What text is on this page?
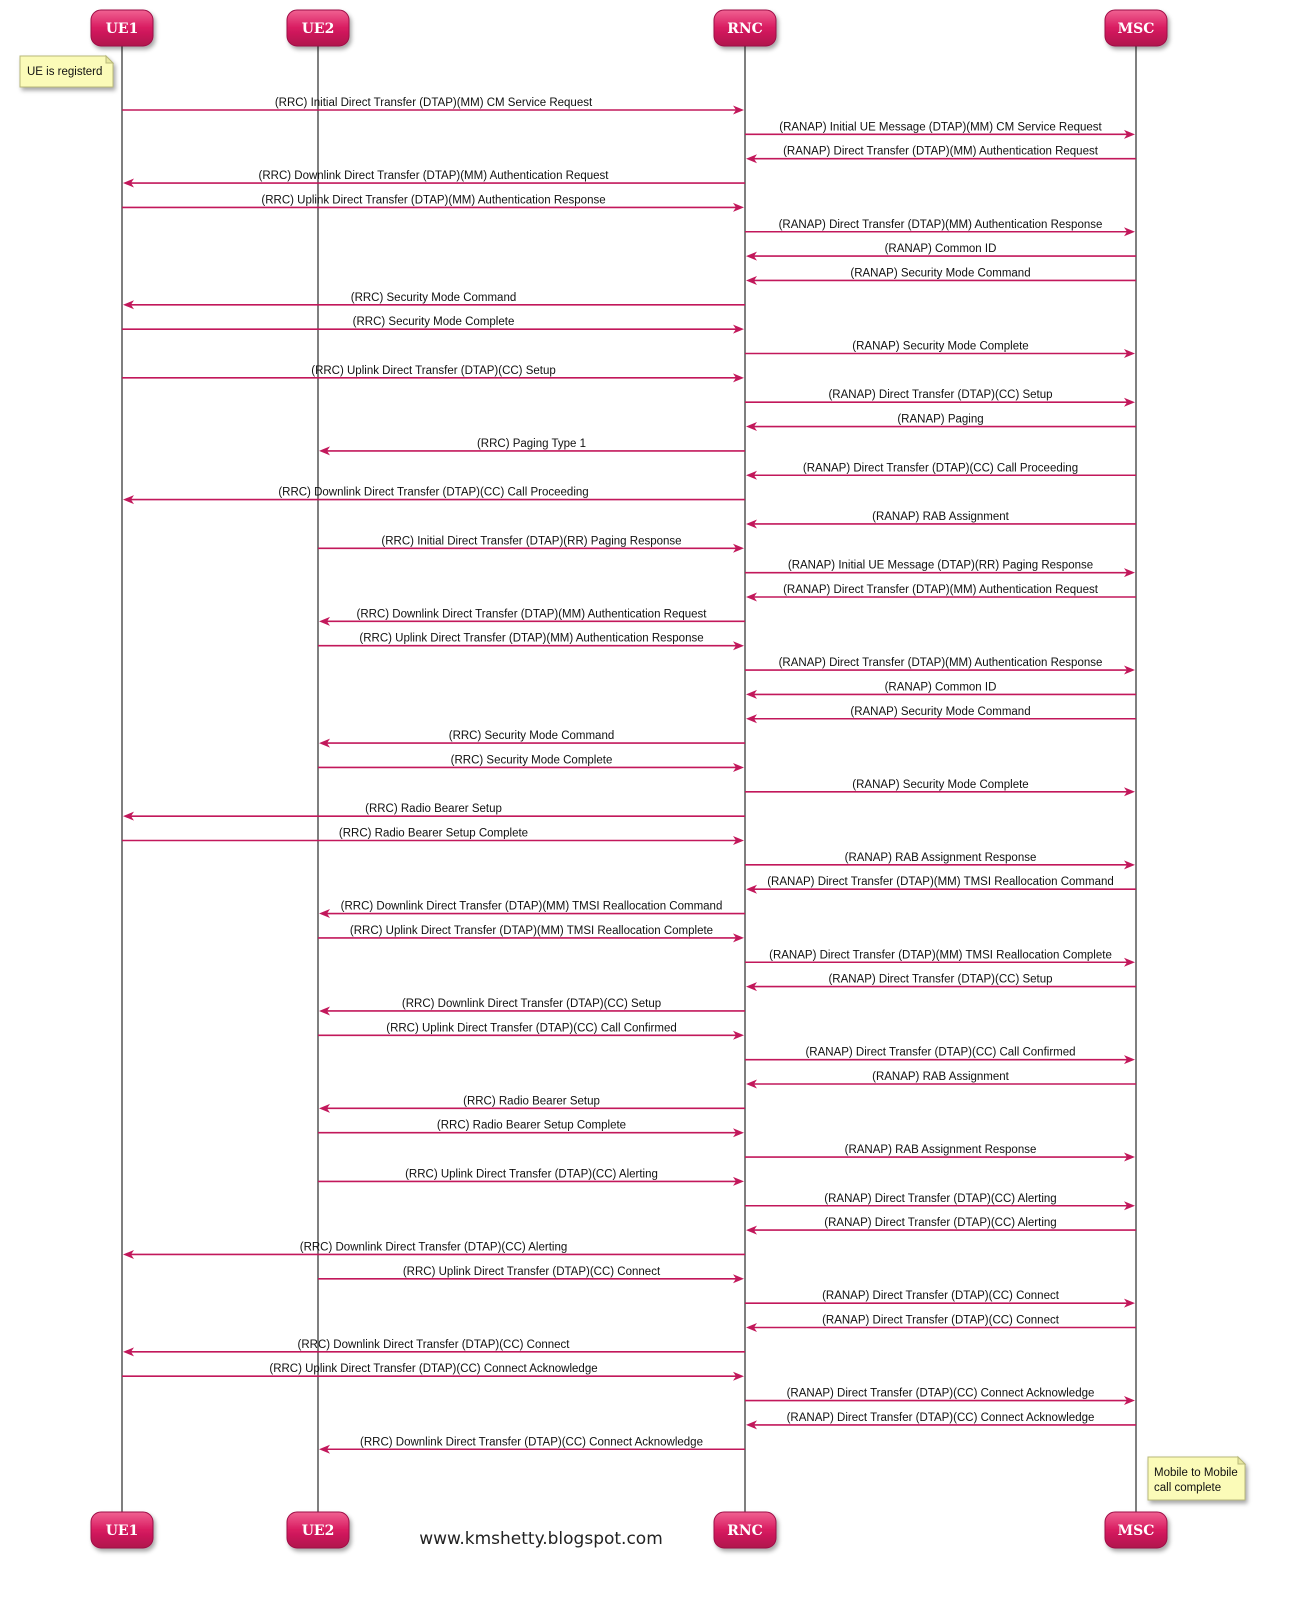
(RRC) Initial Direct Transfer (DTAP)(MM) CM Service Request
(RANAP) Initial UE Message (DTAP)(MM) CM Service Request
(RANAP) Direct Transfer (DTAP)(MM) Authentication Request
(RRC) Downlink Direct Transfer (DTAP)(MM) Authentication Request
(RRC) Uplink Direct Transfer (DTAP)(MM) Authentication Response
(RANAP) Direct Transfer (DTAP)(MM) Authentication Response
(RANAP) Common ID
(RANAP) Security Mode Command
(RRC) Security Mode Command
(RRC) Security Mode Complete
(RANAP) Security Mode Complete
(RRC) Uplink Direct Transfer (DTAP)(CC) Setup
(RANAP) Direct Transfer (DTAP)(CC) Setup
(RANAP) Paging
(RRC) Paging Type 1
(RANAP) Direct Transfer (DTAP)(CC) Call Proceeding
(RRC) Downlink Direct Transfer (DTAP)(CC) Call Proceeding
(RANAP) RAB Assignment
(RRC) Initial Direct Transfer (DTAP)(RR) Paging Response
(RANAP) Initial UE Message (DTAP)(RR) Paging Response
(RANAP) Direct Transfer (DTAP)(MM) Authentication Request
(RRC) Downlink Direct Transfer (DTAP)(MM) Authentication Request
(RRC) Uplink Direct Transfer (DTAP)(MM) Authentication Response
(RANAP) Direct Transfer (DTAP)(MM) Authentication Response
(RANAP) Common ID
(RANAP) Security Mode Command
(RRC) Security Mode Command
(RRC) Security Mode Complete
(RANAP) Security Mode Complete
(RRC) Radio Bearer Setup
(RRC) Radio Bearer Setup Complete
(RANAP) RAB Assignment Response
(RANAP) Direct Transfer (DTAP)(MM) TMSI Reallocation Command
(RRC) Downlink Direct Transfer (DTAP)(MM) TMSI Reallocation Command
(RRC) Uplink Direct Transfer (DTAP)(MM) TMSI Reallocation Complete
(RANAP) Direct Transfer (DTAP)(MM) TMSI Reallocation Complete
(RANAP) Direct Transfer (DTAP)(CC) Setup
(RRC) Downlink Direct Transfer (DTAP)(CC) Setup
(RRC) Uplink Direct Transfer (DTAP)(CC) Call Confirmed
(RANAP) Direct Transfer (DTAP)(CC) Call Confirmed
(RANAP) RAB Assignment
(RRC) Radio Bearer Setup
(RRC) Radio Bearer Setup Complete
(RANAP) RAB Assignment Response
(RRC) Uplink Direct Transfer (DTAP)(CC) Alerting
(RANAP) Direct Transfer (DTAP)(CC) Alerting
(RANAP) Direct Transfer (DTAP)(CC) Alerting
(RRC) Downlink Direct Transfer (DTAP)(CC) Alerting
(RRC) Uplink Direct Transfer (DTAP)(CC) Connect
(RANAP) Direct Transfer (DTAP)(CC) Connect
(RANAP) Direct Transfer (DTAP)(CC) Connect
(RRC) Downlink Direct Transfer (DTAP)(CC) Connect
(RRC) Uplink Direct Transfer (DTAP)(CC) Connect Acknowledge
(RANAP) Direct Transfer (DTAP)(CC) Connect Acknowledge
(RANAP) Direct Transfer (DTAP)(CC) Connect Acknowledge
(RRC) Downlink Direct Transfer (DTAP)(CC) Connect Acknowledge
UE1	UE2	RNC	MSC
UE1	UE2	RNC	MSC
UE is registerd
Mobile to Mobile
call complete
www.kmshetty.blogspot.com
